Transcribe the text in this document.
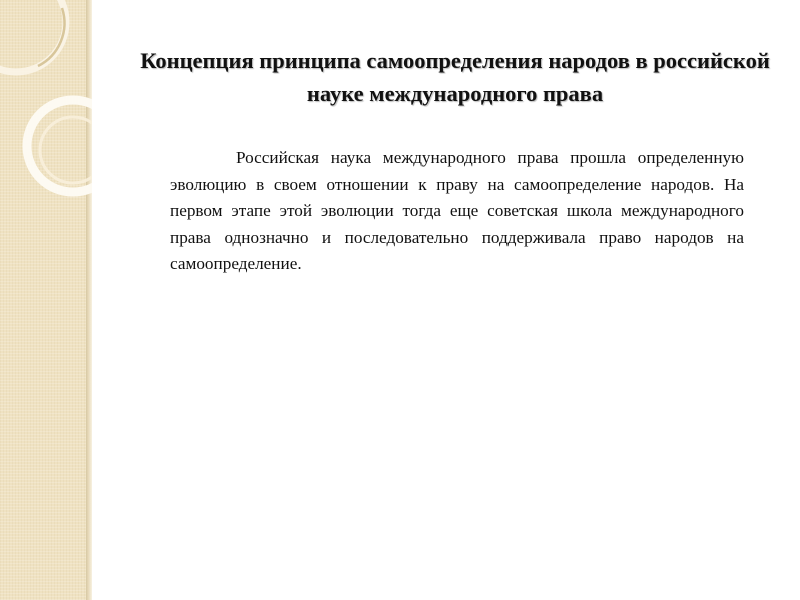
Концепция принципа самоопределения народов в российской науке международного права

Российская наука международного права прошла определенную эволюцию в своем отношении к праву на самоопределение народов. На первом этапе этой эволюции тогда еще советская школа международного права однозначно и последовательно поддерживала право народов на самоопределение.
